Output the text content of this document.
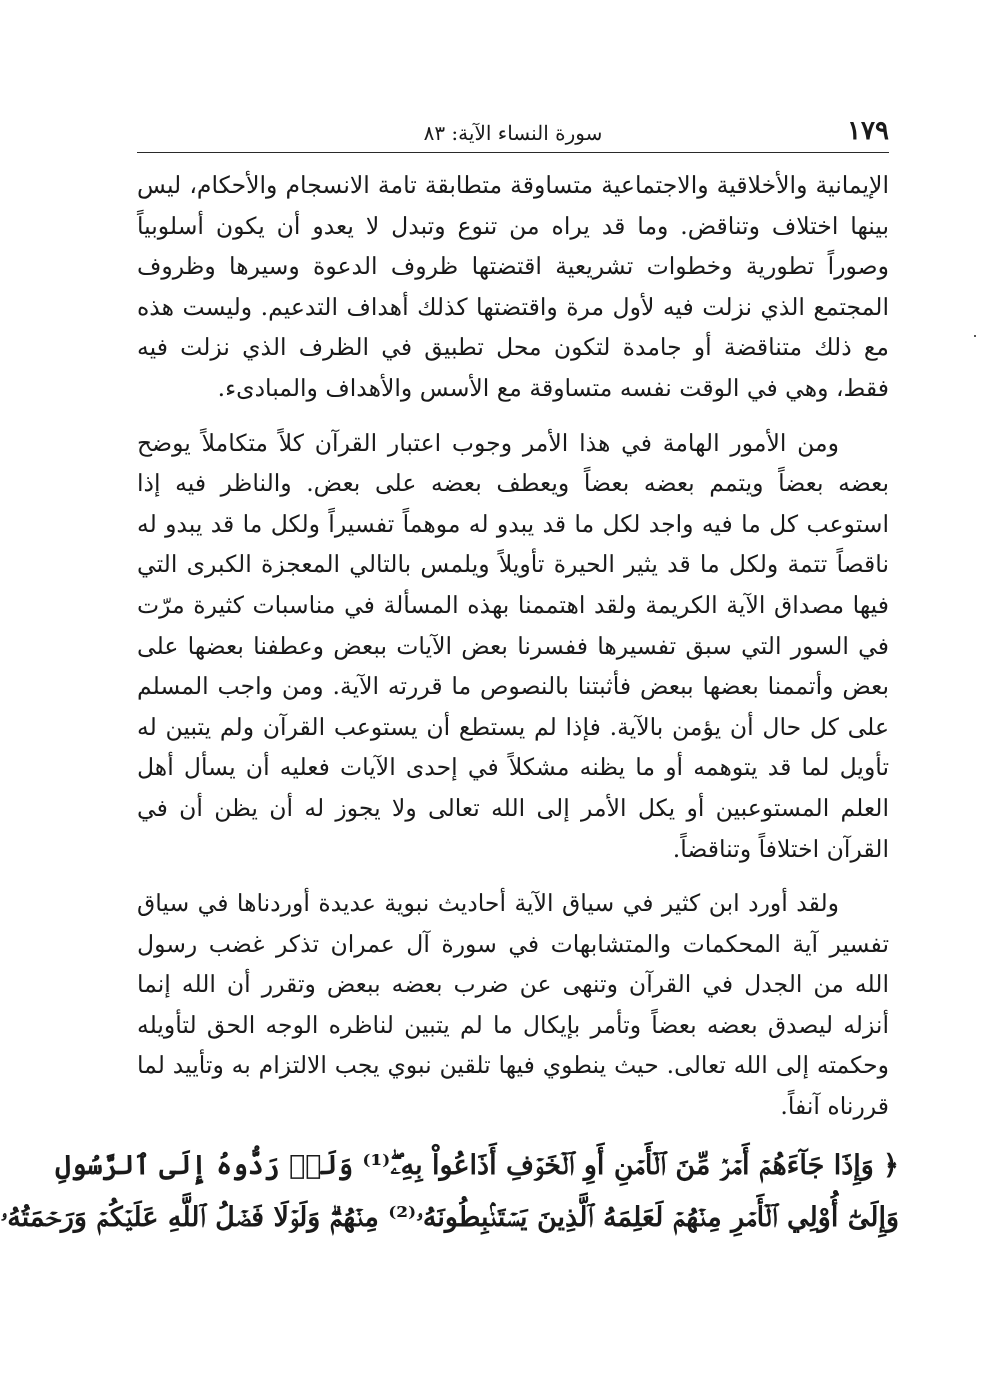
١٧٩
سورة النساء الآية: ٨٣

الإيمانية والأخلاقية والاجتماعية متساوقة متطابقة تامة الانسجام والأحكام، ليس بينها اختلاف وتناقض. وما قد يراه من تنوع وتبدل لا يعدو أن يكون أسلوبياً وصوراً تطورية وخطوات تشريعية اقتضتها ظروف الدعوة وسيرها وظروف المجتمع الذي نزلت فيه لأول مرة واقتضتها كذلك أهداف التدعيم. وليست هذه مع ذلك متناقضة أو جامدة لتكون محل تطبيق في الظرف الذي نزلت فيه فقط، وهي في الوقت نفسه متساوقة مع الأسس والأهداف والمبادىء.

ومن الأمور الهامة في هذا الأمر وجوب اعتبار القرآن كلاً متكاملاً يوضح بعضه بعضاً ويتمم بعضه بعضاً ويعطف بعضه على بعض. والناظر فيه إذا استوعب كل ما فيه واجد لكل ما قد يبدو له موهماً تفسيراً ولكل ما قد يبدو له ناقصاً تتمة ولكل ما قد يثير الحيرة تأويلاً ويلمس بالتالي المعجزة الكبرى التي فيها مصداق الآية الكريمة ولقد اهتممنا بهذه المسألة في مناسبات كثيرة مرّت في السور التي سبق تفسيرها ففسرنا بعض الآيات ببعض وعطفنا بعضها على بعض وأتممنا بعضها ببعض فأثبتنا بالنصوص ما قررته الآية. ومن واجب المسلم على كل حال أن يؤمن بالآية. فإذا لم يستطع أن يستوعب القرآن ولم يتبين له تأويل لما قد يتوهمه أو ما يظنه مشكلاً في إحدى الآيات فعليه أن يسأل أهل العلم المستوعبين أو يكل الأمر إلى الله تعالى ولا يجوز له أن يظن أن في القرآن اختلافاً وتناقضاً.

ولقد أورد ابن كثير في سياق الآية أحاديث نبوية عديدة أوردناها في سياق تفسير آية المحكمات والمتشابهات في سورة آل عمران تذكر غضب رسول الله من الجدل في القرآن وتنهى عن ضرب بعضه ببعض وتقرر أن الله إنما أنزله ليصدق بعضه بعضاً وتأمر بإيكال ما لم يتبين لناظره الوجه الحق لتأويله وحكمته إلى الله تعالى. حيث ينطوي فيها تلقين نبوي يجب الالتزام به وتأييد لما قررناه آنفاً.

﴿ وَإِذَا جَآءَهُمۡ أَمۡرٞ مِّنَ ٱلۡأَمۡنِ أَوِ ٱلۡخَوۡفِ أَذَاعُواْ بِهِۦۖ⁽¹⁾ وَلَوۡ رَدُّوهُ إِلَى ٱلرَّسُولِ
وَإِلَىٰٓ أُوْلِي ٱلۡأَمۡرِ مِنۡهُمۡ لَعَلِمَهُ ٱلَّذِينَ يَسۡتَنۢبِطُونَهُۥ⁽²⁾ مِنۡهُمۡۗ وَلَوۡلَا فَضۡلُ ٱللَّهِ عَلَيۡكُمۡ وَرَحۡمَتُهُۥ
